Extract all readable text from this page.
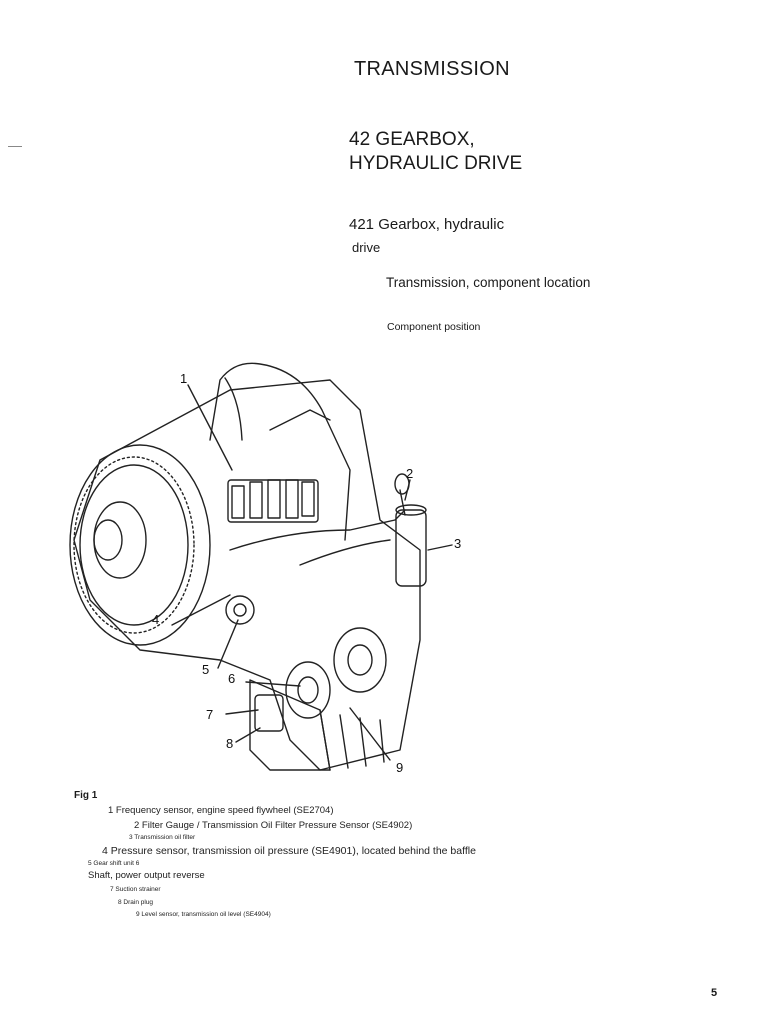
TRANSMISSION
42 GEARBOX,
HYDRAULIC DRIVE
421 Gearbox, hydraulic
drive
Transmission, component location
Component position
1
2
3
4
5
6
7
8
9
Fig 1
1 Frequency sensor, engine speed flywheel (SE2704)
2 Filter Gauge / Transmission Oil Filter Pressure Sensor (SE4902)
3 Transmission oil filter
4 Pressure sensor, transmission oil pressure (SE4901), located behind the baffle
5 Gear shift unit 6
Shaft, power output reverse
7 Suction strainer
8 Drain plug
9 Level sensor, transmission oil level (SE4904)
5
